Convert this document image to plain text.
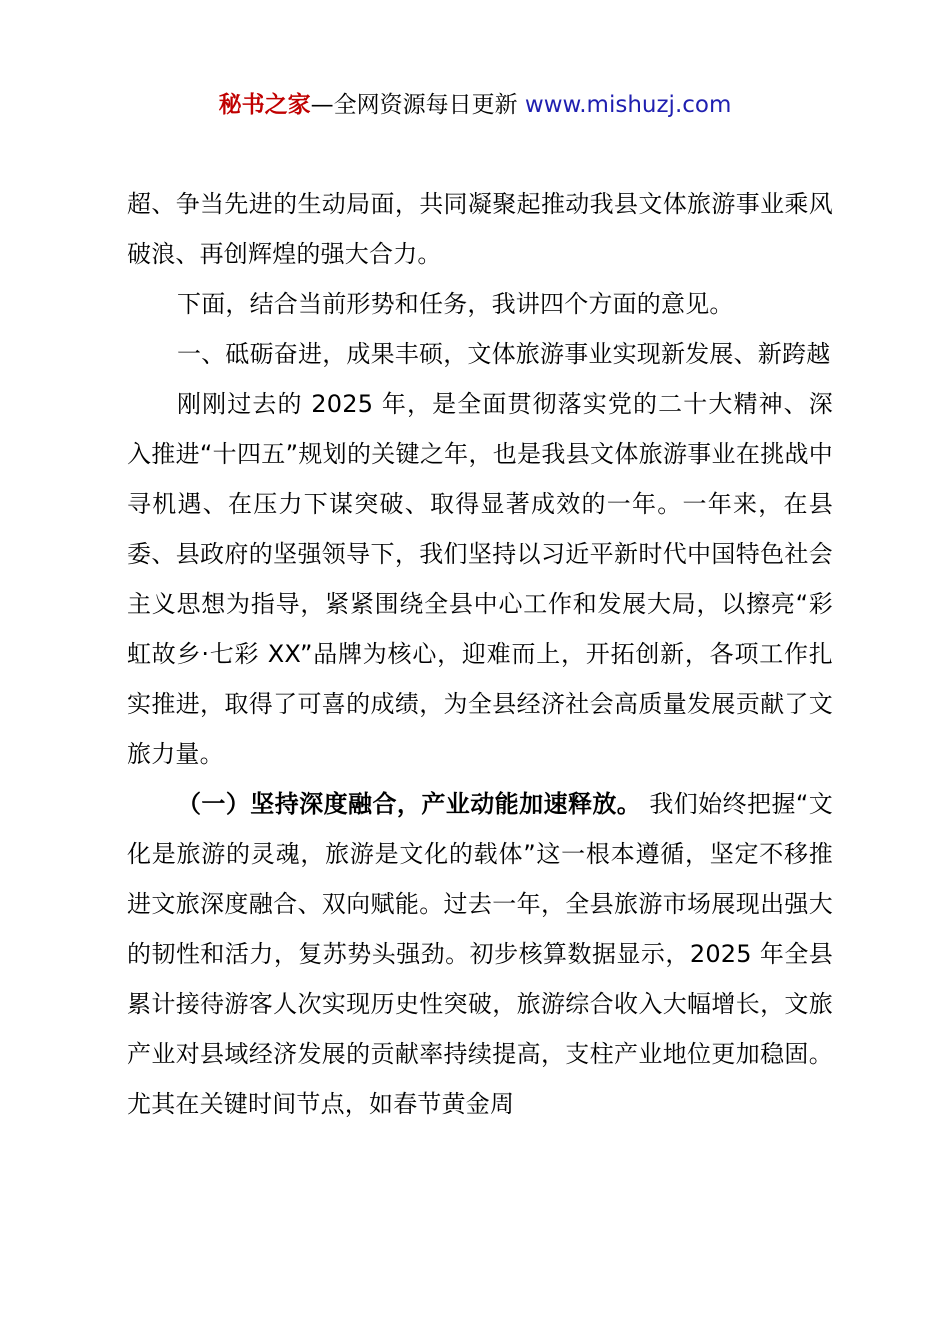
秘书之家—全网资源每日更新 www.mishuzj.com

超、争当先进的生动局面，共同凝聚起推动我县文体旅游事业乘风破浪、再创辉煌的强大合力。

下面，结合当前形势和任务，我讲四个方面的意见。

一、砥砺奋进，成果丰硕，文体旅游事业实现新发展、新跨越

刚刚过去的 2025 年，是全面贯彻落实党的二十大精神、深入推进“十四五”规划的关键之年，也是我县文体旅游事业在挑战中寻机遇、在压力下谋突破、取得显著成效的一年。一年来，在县委、县政府的坚强领导下，我们坚持以习近平新时代中国特色社会主义思想为指导，紧紧围绕全县中心工作和发展大局，以擦亮“彩虹故乡·七彩 XX”品牌为核心，迎难而上，开拓创新，各项工作扎实推进，取得了可喜的成绩，为全县经济社会高质量发展贡献了文旅力量。

（一）坚持深度融合，产业动能加速释放。 我们始终把握“文化是旅游的灵魂，旅游是文化的载体”这一根本遵循，坚定不移推进文旅深度融合、双向赋能。过去一年，全县旅游市场展现出强大的韧性和活力，复苏势头强劲。初步核算数据显示，2025 年全县累计接待游客人次实现历史性突破，旅游综合收入大幅增长，文旅产业对县域经济发展的贡献率持续提高，支柱产业地位更加稳固。尤其在关键时间节点，如春节黄金周
